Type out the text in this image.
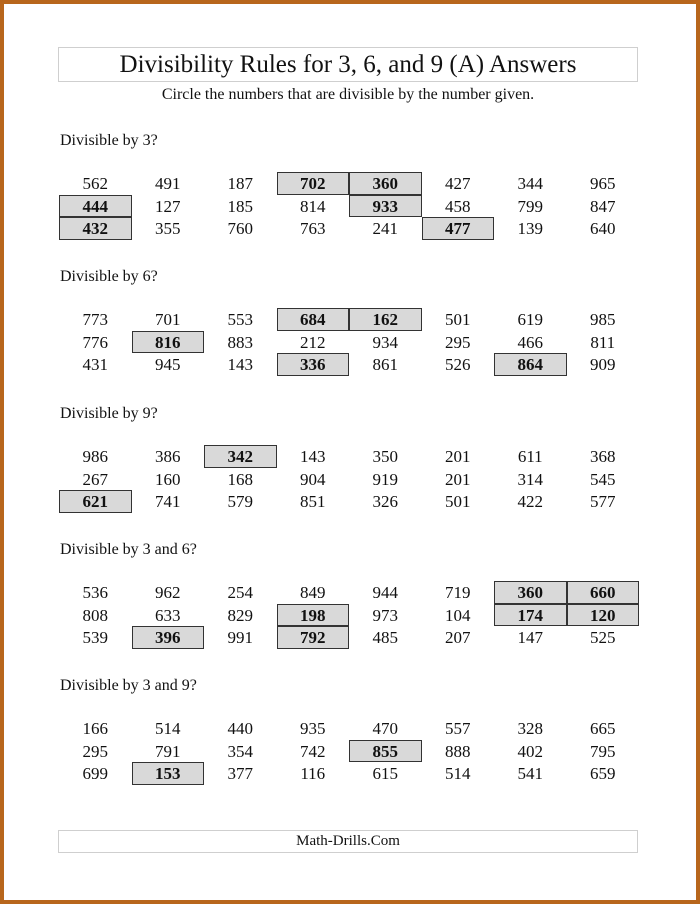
Divisibility Rules for 3, 6, and 9 (A) Answers
Circle the numbers that are divisible by the number given.
Divisible by 3?
562	491	187	702	360	427	344	965
444	127	185	814	933	458	799	847
432	355	760	763	241	477	139	640
Divisible by 6?
773	701	553	684	162	501	619	985
776	816	883	212	934	295	466	811
431	945	143	336	861	526	864	909
Divisible by 9?
986	386	342	143	350	201	611	368
267	160	168	904	919	201	314	545
621	741	579	851	326	501	422	577
Divisible by 3 and 6?
536	962	254	849	944	719	360	660
808	633	829	198	973	104	174	120
539	396	991	792	485	207	147	525
Divisible by 3 and 9?
166	514	440	935	470	557	328	665
295	791	354	742	855	888	402	795
699	153	377	116	615	514	541	659
Math-Drills.Com
